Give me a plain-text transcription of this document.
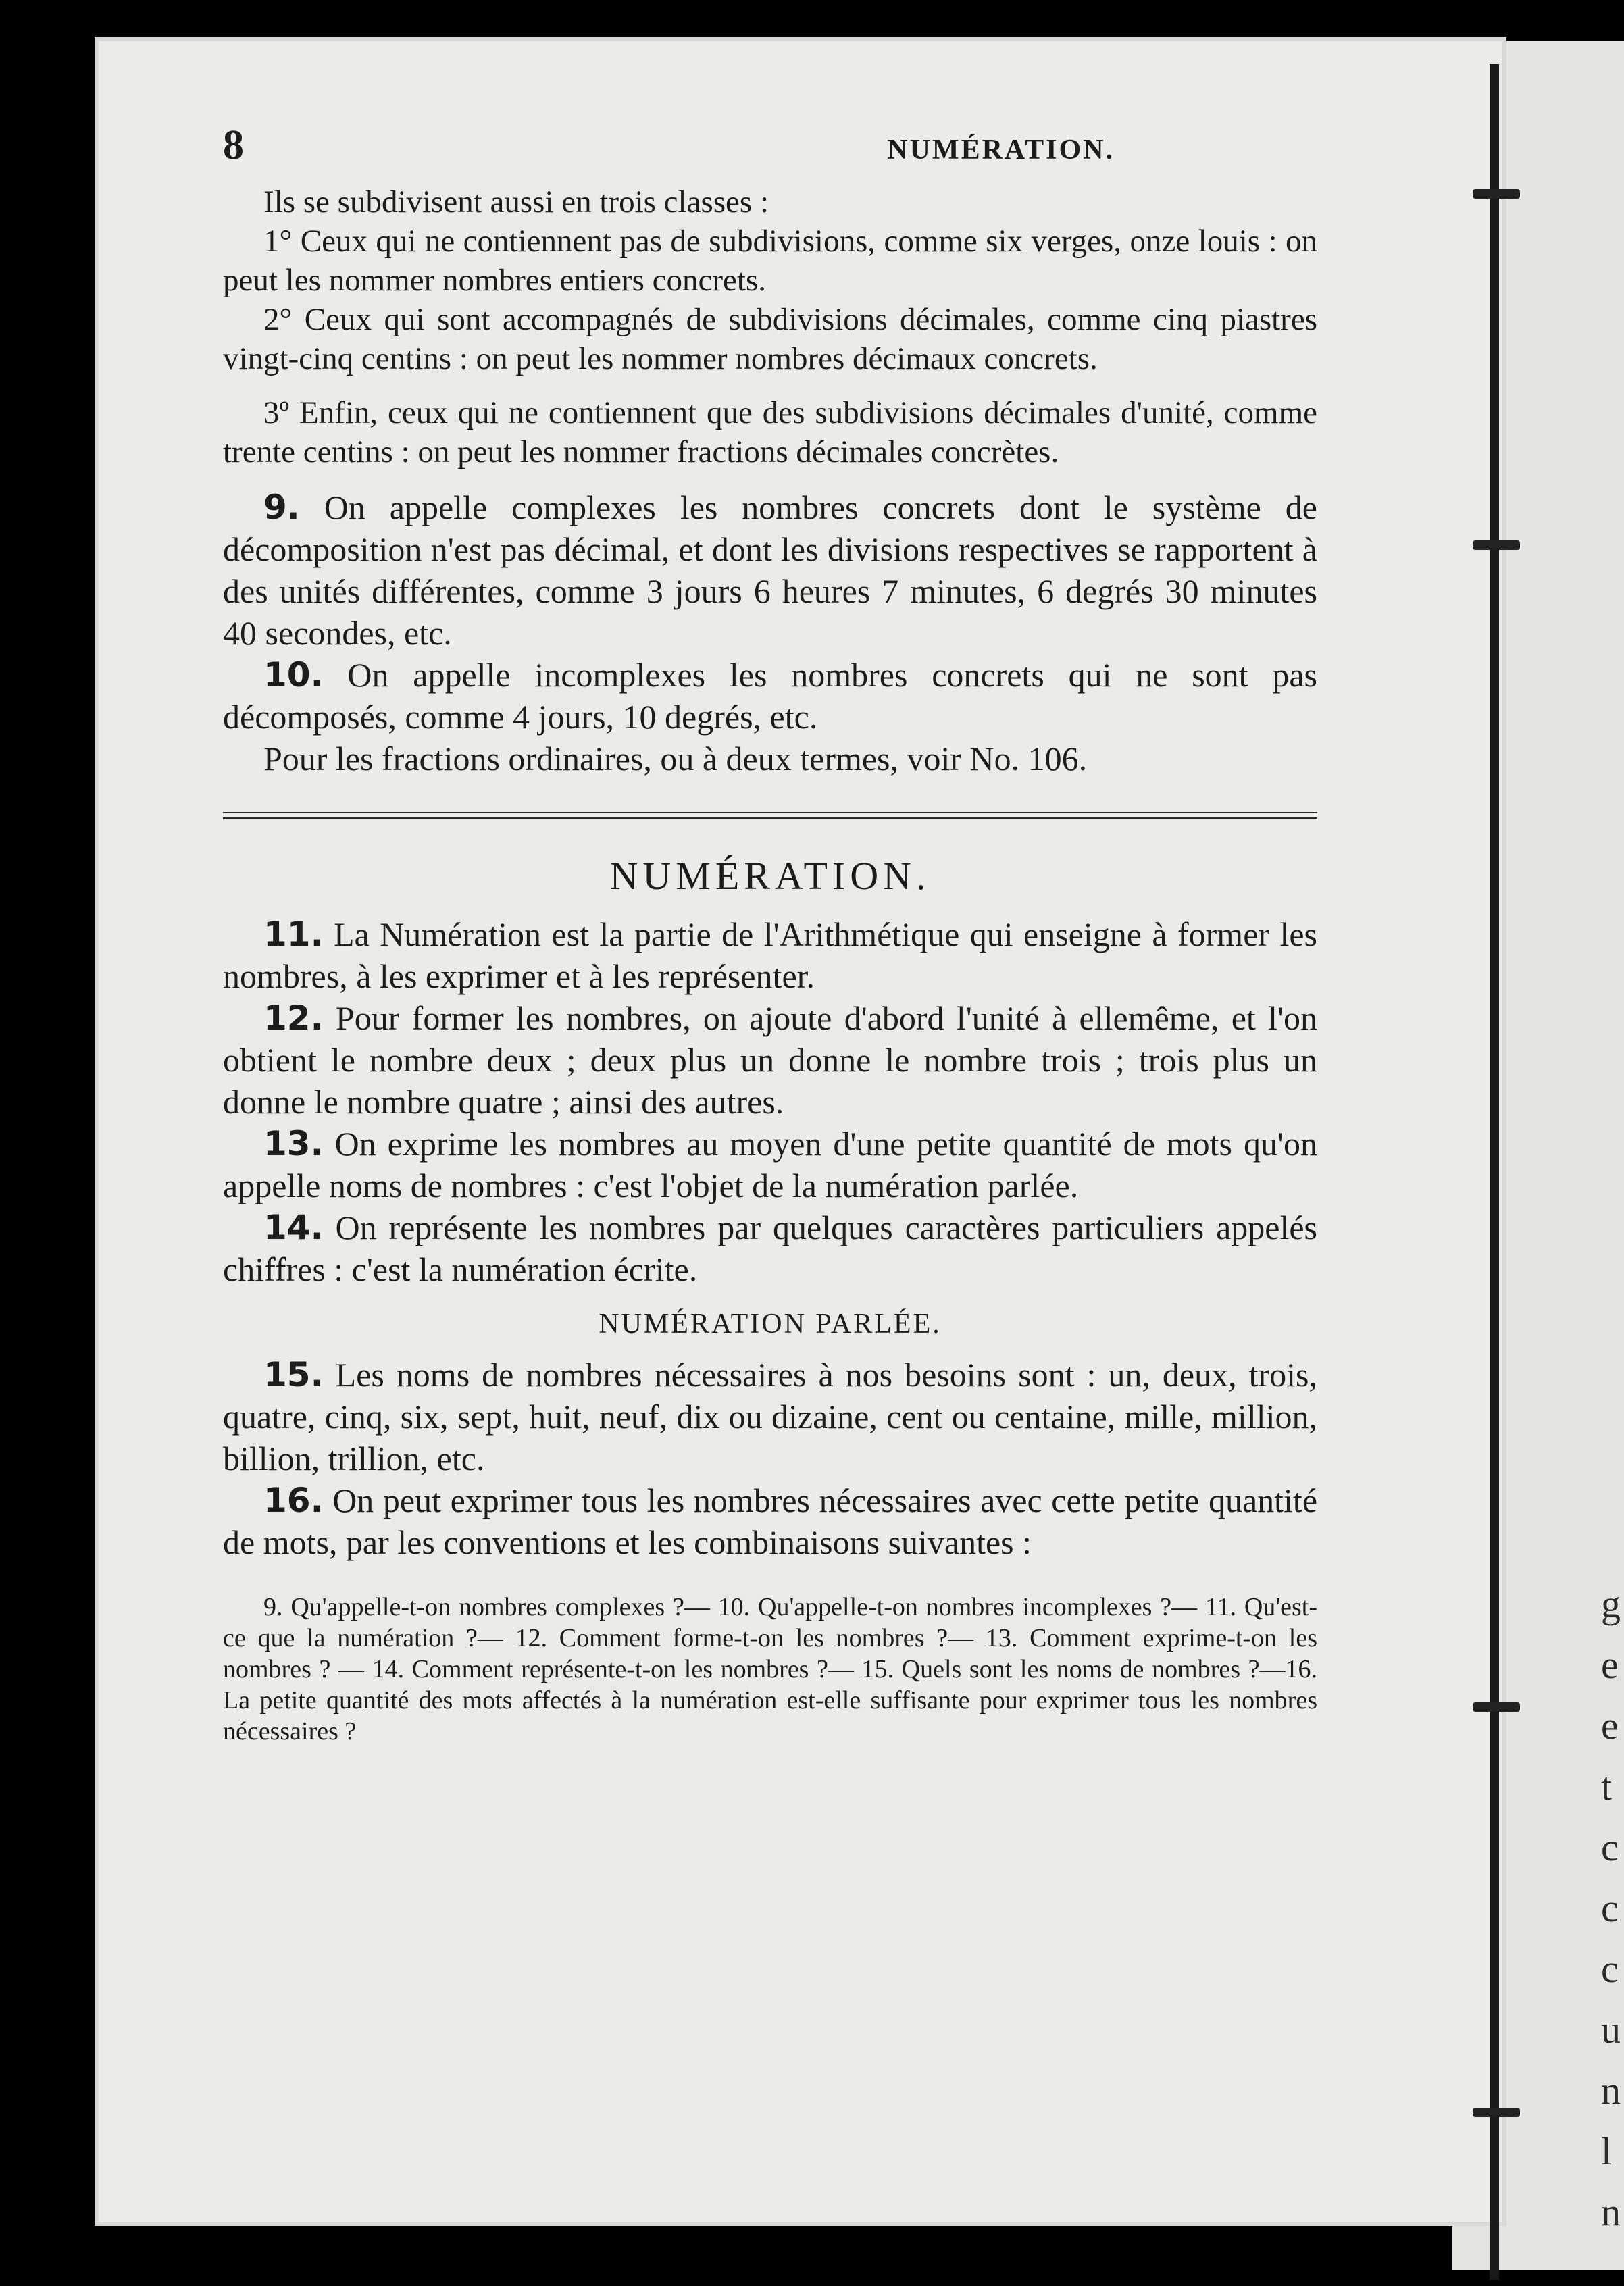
g
e
e
t
c
c
c
u
n
l
n
8	NUMÉRATION.

Ils se subdivisent aussi en trois classes :

1° Ceux qui ne contiennent pas de subdivisions, comme six verges, onze louis : on peut les nommer nombres entiers concrets.

2° Ceux qui sont accompagnés de subdivisions décimales, comme cinq piastres vingt-cinq centins : on peut les nommer nombres décimaux concrets.

3º Enfin, ceux qui ne contiennent que des subdivisions décimales d'unité, comme trente centins : on peut les nommer fractions décimales concrètes.

9. On appelle complexes les nombres concrets dont le système de décomposition n'est pas décimal, et dont les divisions respectives se rapportent à des unités différentes, comme 3 jours 6 heures 7 minutes, 6 degrés 30 minutes 40 secondes, etc.

10. On appelle incomplexes les nombres concrets qui ne sont pas décomposés, comme 4 jours, 10 degrés, etc.

Pour les fractions ordinaires, ou à deux termes, voir No. 106.

NUMÉRATION.

11. La Numération est la partie de l'Arithmétique qui enseigne à former les nombres, à les exprimer et à les représenter.

12. Pour former les nombres, on ajoute d'abord l'unité à ellemême, et l'on obtient le nombre deux ; deux plus un donne le nombre trois ; trois plus un donne le nombre quatre ; ainsi des autres.

13. On exprime les nombres au moyen d'une petite quantité de mots qu'on appelle noms de nombres : c'est l'objet de la numération parlée.

14. On représente les nombres par quelques caractères particuliers appelés chiffres : c'est la numération écrite.

NUMÉRATION PARLÉE.

15. Les noms de nombres nécessaires à nos besoins sont : un, deux, trois, quatre, cinq, six, sept, huit, neuf, dix ou dizaine, cent ou centaine, mille, million, billion, trillion, etc.

16. On peut exprimer tous les nombres nécessaires avec cette petite quantité de mots, par les conventions et les combinaisons suivantes :

9. Qu'appelle-t-on nombres complexes ?— 10. Qu'appelle-t-on nombres incomplexes ?— 11. Qu'est-ce que la numération ?— 12. Comment forme-t-on les nombres ?— 13. Comment exprime-t-on les nombres ? — 14. Comment représente-t-on les nombres ?— 15. Quels sont les noms de nombres ?—16. La petite quantité des mots affectés à la numération est-elle suffisante pour exprimer tous les nombres nécessaires ?
